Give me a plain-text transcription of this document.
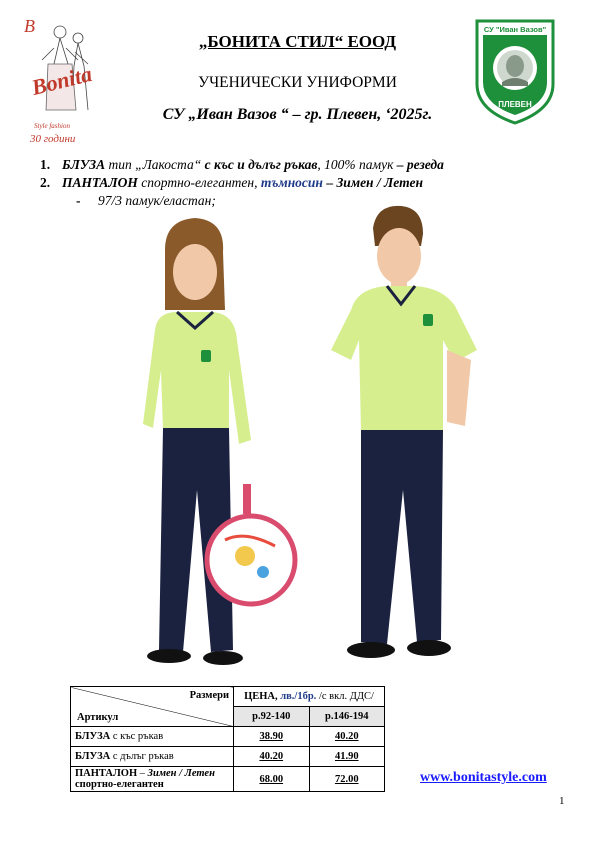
B
Bonita
Style fashion
30 години
„БОНИТА СТИЛ“ ЕООД
УЧЕНИЧЕСКИ УНИФОРМИ
СУ „Иван Вазов “ – гр. Плевен, ‘2025г.
СУ "Иван Вазов"
ПЛЕВЕН
1. БЛУЗА тип „Лакоста“ с къс и дълъг ръкав, 100% памук – резеда
2. ПАНТАЛОН спортно-елегантен, тъмносин – Зимен / Летен
- 97/3 памук/еластан;
Размери
Артикул	ЦЕНА, лв./1бр. /с вкл. ДДС/	
	р.92-140	р.146-194
БЛУЗА с къс ръкав	38.90	40.20
БЛУЗА с дълъг ръкав	40.20	41.90
ПАНТАЛОН – Зимен / Летен
спортно-елегантен	68.00	72.00	www.bonitastyle.com
1
